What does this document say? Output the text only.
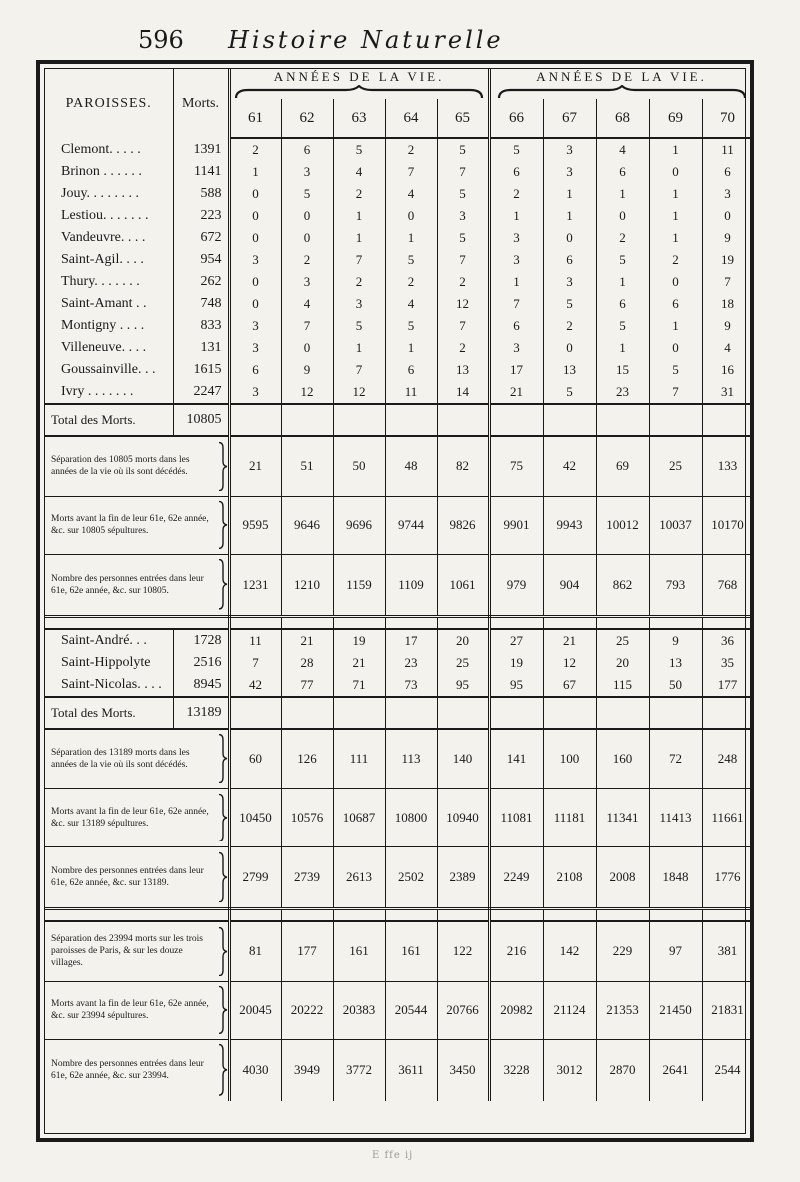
596 Histoire Naturelle
PAROISSES.	Morts.	ANNÉES DE LA VIE.					ANNÉES DE LA VIE.				

		61	62	63	64	65	66	67	68	69	70
Clemont. . . . .	1391	2	6	5	2	5	5	3	4	1	11
Brinon . . . . . .	1141	1	3	4	7	7	6	3	6	0	6
Jouy. . . . . . . .	588	0	5	2	4	5	2	1	1	1	3
Lestiou. . . . . . .	223	0	0	1	0	3	1	1	0	1	0
Vandeuvre. . . .	672	0	0	1	1	5	3	0	2	1	9
Saint-Agil. . . .	954	3	2	7	5	7	3	6	5	2	19
Thury. . . . . . .	262	0	3	2	2	2	1	3	1	0	7
Saint-Amant . .	748	0	4	3	4	12	7	5	6	6	18
Montigny . . . .	833	3	7	5	5	7	6	2	5	1	9
Villeneuve. . . .	131	3	0	1	1	2	3	0	1	0	4
Goussainville. . .	1615	6	9	7	6	13	17	13	15	5	16
Ivry . . . . . . .	2247	3	12	12	11	14	21	5	23	7	31
Total des Morts.	10805										
Séparation des 10805 morts dans les années de la vie où ils sont décédés.		21	51	50	48	82	75	42	69	25	133
Morts avant la fin de leur 61e, 62e année, &c. sur 10805 sépultures.		9595	9646	9696	9744	9826	9901	9943	10012	10037	10170
Nombre des personnes entrées dans leur 61e, 62e année, &c. sur 10805.		1231	1210	1159	1109	1061	979	904	862	793	768

Saint-André. . .	1728	11	21	19	17	20	27	21	25	9	36
Saint-Hippolyte	2516	7	28	21	23	25	19	12	20	13	35
Saint-Nicolas. . . .	8945	42	77	71	73	95	95	67	115	50	177
Total des Morts.	13189										
Séparation des 13189 morts dans les années de la vie où ils sont décédés.		60	126	111	113	140	141	100	160	72	248
Morts avant la fin de leur 61e, 62e année, &c. sur 13189 sépultures.		10450	10576	10687	10800	10940	11081	11181	11341	11413	11661
Nombre des personnes entrées dans leur 61e, 62e année, &c. sur 13189.		2799	2739	2613	2502	2389	2249	2108	2008	1848	1776

Séparation des 23994 morts sur les trois paroisses de Paris, & sur les douze villages.		81	177	161	161	122	216	142	229	97	381
Morts avant la fin de leur 61e, 62e année, &c. sur 23994 sépultures.		20045	20222	20383	20544	20766	20982	21124	21353	21450	21831
Nombre des personnes entrées dans leur 61e, 62e année, &c. sur 23994.		4030	3949	3772	3611	3450	3228	3012	2870	2641	2544
E ffe ij
